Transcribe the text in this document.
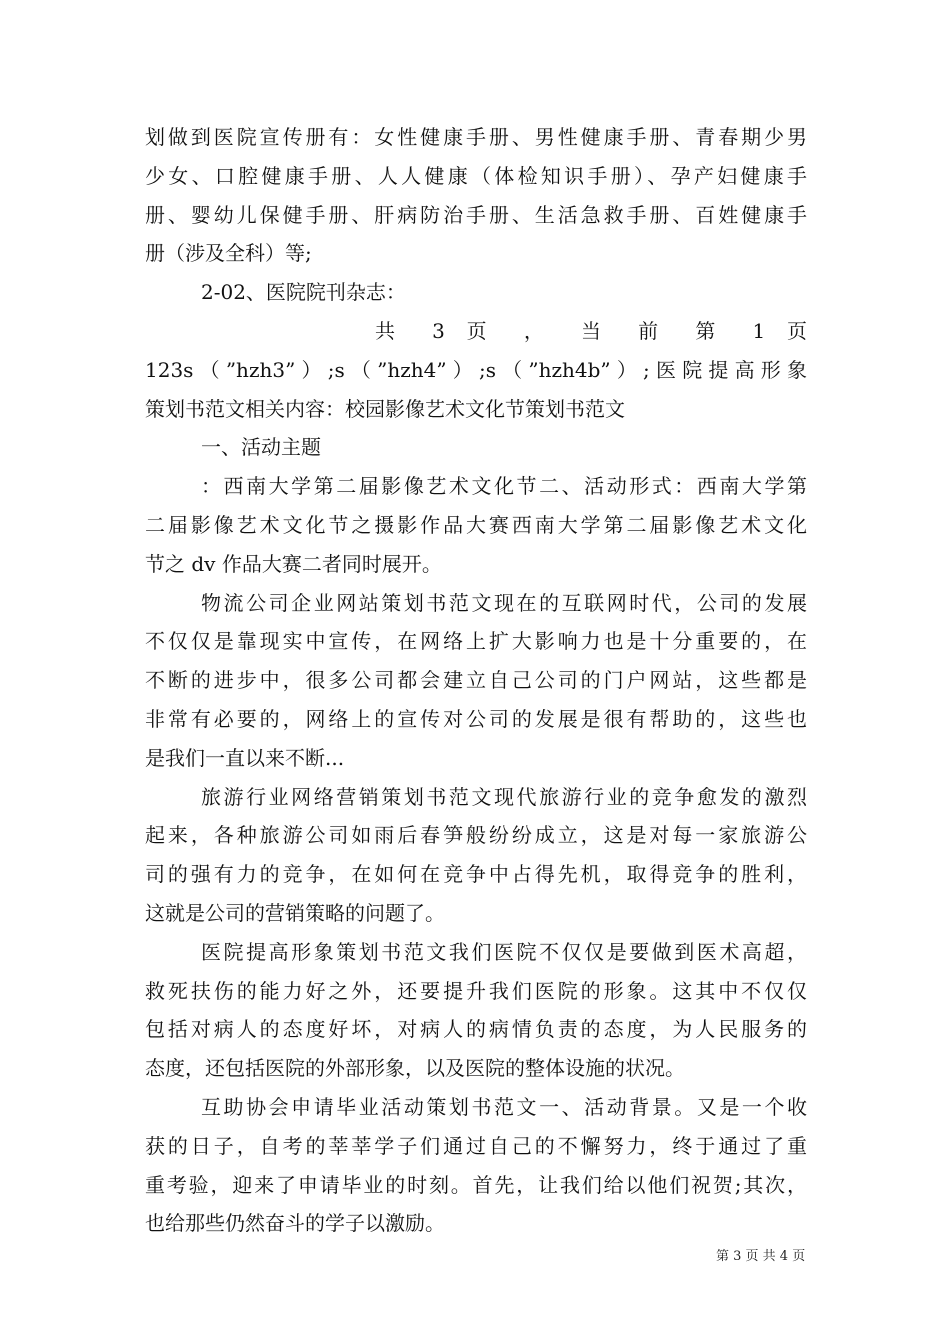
划做到医院宣传册有：女性健康手册、男性健康手册、青春期少男
少女、口腔健康手册、人人健康（体检知识手册）、孕产妇健康手
册、婴幼儿保健手册、肝病防治手册、生活急救手册、百姓健康手
册（涉及全科）等;
2-02、医院院刊杂志：
共 3 页 ， 当 前 第 1 页
123s（”hzh3”）;s（”hzh4”）;s（”hzh4b”）;医院提高形象
策划书范文相关内容：校园影像艺术文化节策划书范文
一、活动主题
：西南大学第二届影像艺术文化节二、活动形式：西南大学第
二届影像艺术文化节之摄影作品大赛西南大学第二届影像艺术文化
节之 dv 作品大赛二者同时展开。
物流公司企业网站策划书范文现在的互联网时代，公司的发展
不仅仅是靠现实中宣传，在网络上扩大影响力也是十分重要的，在
不断的进步中，很多公司都会建立自己公司的门户网站，这些都是
非常有必要的，网络上的宣传对公司的发展是很有帮助的，这些也
是我们一直以来不断...
旅游行业网络营销策划书范文现代旅游行业的竞争愈发的激烈
起来，各种旅游公司如雨后春笋般纷纷成立，这是对每一家旅游公
司的强有力的竞争，在如何在竞争中占得先机，取得竞争的胜利，
这就是公司的营销策略的问题了。
医院提高形象策划书范文我们医院不仅仅是要做到医术高超，
救死扶伤的能力好之外，还要提升我们医院的形象。这其中不仅仅
包括对病人的态度好坏，对病人的病情负责的态度，为人民服务的
态度，还包括医院的外部形象，以及医院的整体设施的状况。
互助协会申请毕业活动策划书范文一、活动背景。又是一个收
获的日子，自考的莘莘学子们通过自己的不懈努力，终于通过了重
重考验，迎来了申请毕业的时刻。首先，让我们给以他们祝贺;其次，
也给那些仍然奋斗的学子以激励。
第 3 页 共 4 页
